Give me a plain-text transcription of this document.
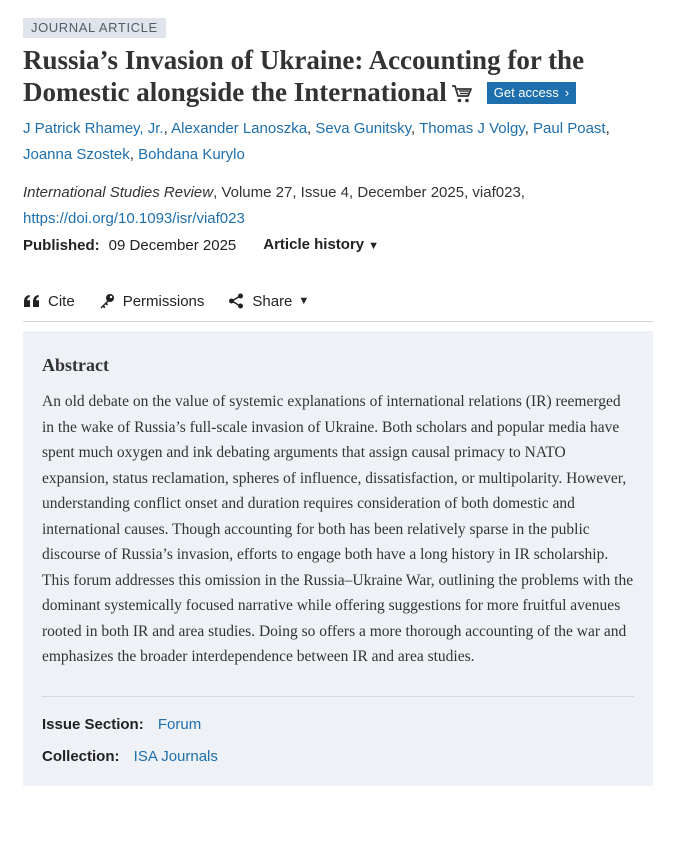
JOURNAL ARTICLE
Russia’s Invasion of Ukraine: Accounting for the Domestic alongside the International	Get access ›
J Patrick Rhamey, Jr., Alexander Lanoszka, Seva Gunitsky, Thomas J Volgy, Paul Poast,
Joanna Szostek, Bohdana Kurylo
International Studies Review, Volume 27, Issue 4, December 2025, viaf023,
https://doi.org/10.1093/isr/viaf023
Published: 09 December 2025 Article history ▼
Cite	Permissions	Share ▼
Abstract

An old debate on the value of systemic explanations of international relations (IR) reemerged in the wake of Russia’s full-scale invasion of Ukraine. Both scholars and popular media have spent much oxygen and ink debating arguments that assign causal primacy to NATO expansion, status reclamation, spheres of influence, dissatisfaction, or multipolarity. However, understanding conflict onset and duration requires consideration of both domestic and international causes. Though accounting for both has been relatively sparse in the public discourse of Russia’s invasion, efforts to engage both have a long history in IR scholarship. This forum addresses this omission in the Russia–Ukraine War, outlining the problems with the dominant systemically focused narrative while offering suggestions for more fruitful avenues rooted in both IR and area studies. Doing so offers a more thorough accounting of the war and emphasizes the broader interdependence between IR and area studies.

Issue Section: Forum
Collection: ISA Journals
